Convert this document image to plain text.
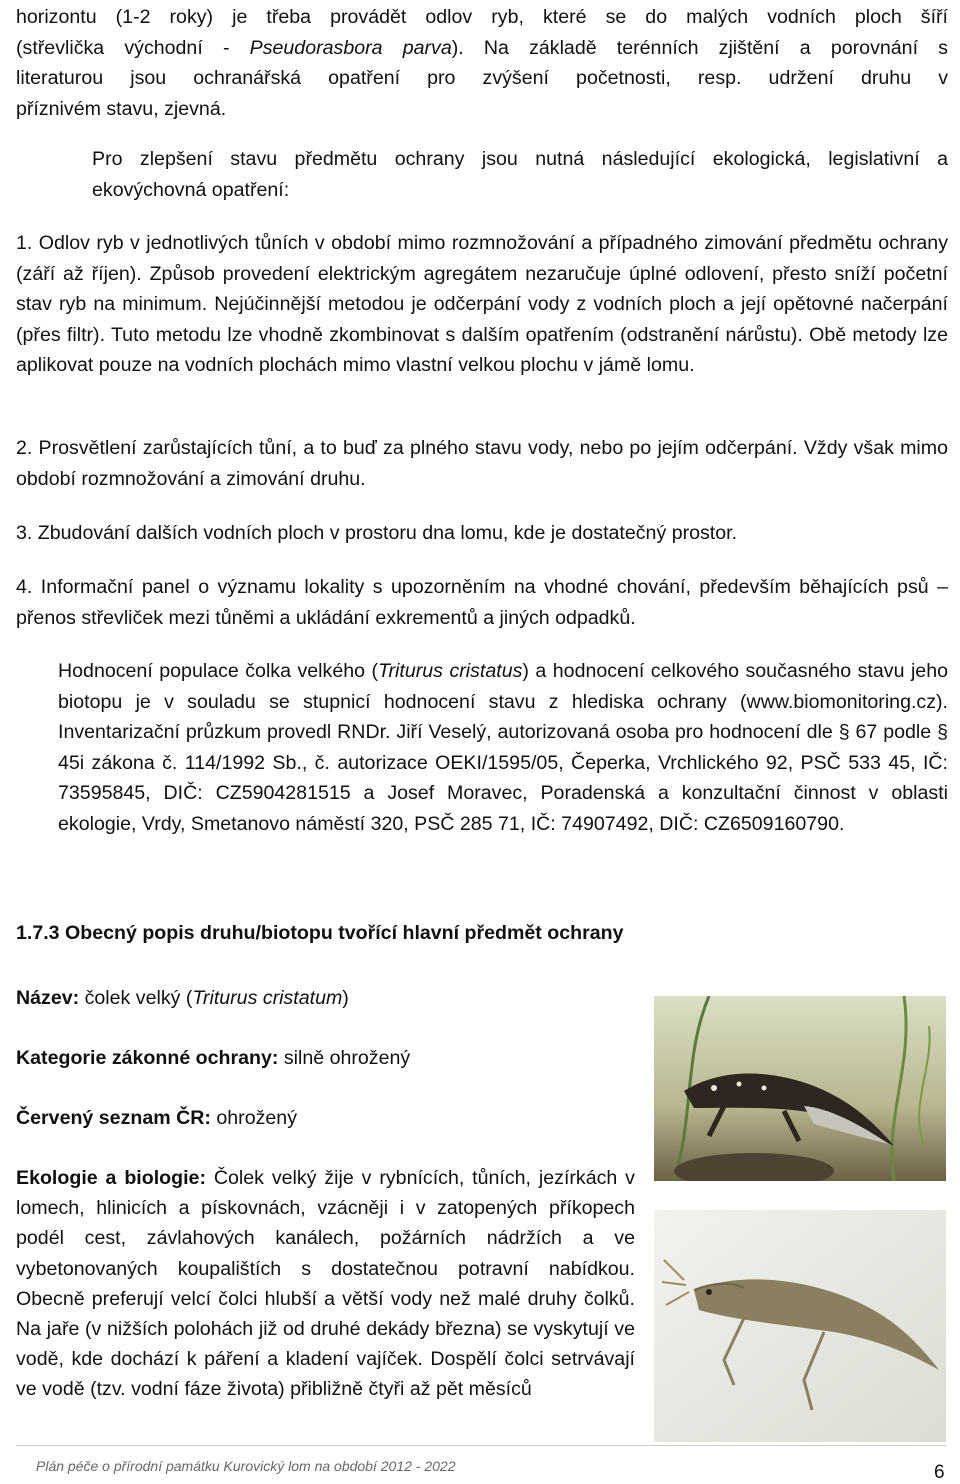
horizontu (1-2 roky) je třeba provádět odlov ryb, které se do malých vodních ploch šíří
(střevlička východní - Pseudorasbora parva). Na základě terénních zjištění a porovnání s
literaturou jsou ochranářská opatření pro zvýšení početnosti, resp. udržení druhu v
příznivém stavu, zjevná.

Pro zlepšení stavu předmětu ochrany jsou nutná následující ekologická, legislativní a ekovýchovná opatření:

1. Odlov ryb v jednotlivých tůních v období mimo rozmnožování a případného zimování předmětu ochrany (září až říjen). Způsob provedení elektrickým agregátem nezaručuje úplné odlovení, přesto sníží početní stav ryb na minimum. Nejúčinnější metodou je odčerpání vody z vodních ploch a její opětovné načerpání (přes filtr). Tuto metodu lze vhodně zkombinovat s dalším opatřením (odstranění nárůstu). Obě metody lze aplikovat pouze na vodních plochách mimo vlastní velkou plochu v jámě lomu.

2. Prosvětlení zarůstajících tůní, a to buď za plného stavu vody, nebo po jejím odčerpání. Vždy však mimo období rozmnožování a zimování druhu.

3. Zbudování dalších vodních ploch v prostoru dna lomu, kde je dostatečný prostor.

4. Informační panel o významu lokality s upozorněním na vhodné chování, především běhajících psů – přenos střevliček mezi tůněmi a ukládání exkrementů a jiných odpadků.

Hodnocení populace čolka velkého (Triturus cristatus) a hodnocení celkového současného stavu jeho biotopu je v souladu se stupnicí hodnocení stavu z hlediska ochrany (www.biomonitoring.cz). Inventarizační průzkum provedl RNDr. Jiří Veselý, autorizovaná osoba pro hodnocení dle § 67 podle § 45i zákona č. 114/1992 Sb., č. autorizace OEKI/1595/05, Čeperka, Vrchlického 92, PSČ 533 45, IČ: 73595845, DIČ: CZ5904281515 a Josef Moravec, Poradenská a konzultační činnost v oblasti ekologie, Vrdy, Smetanovo náměstí 320, PSČ 285 71, IČ: 74907492, DIČ: CZ6509160790.

1.7.3 Obecný popis druhu/biotopu tvořící hlavní předmět ochrany
Název: čolek velký (Triturus cristatum)
Kategorie zákonné ochrany: silně ohrožený
Červený seznam ČR: ohrožený

Ekologie a biologie: Čolek velký žije v rybnících, tůních, jezírkách v lomech, hlinicích a pískovnách, vzácněji i v zatopených příkopech podél cest, závlahových kanálech, požárních nádržích a ve vybetonovaných koupalištích s dostatečnou potravní nabídkou. Obecně preferují velcí čolci hlubší a větší vody než malé druhy čolků. Na jaře (v nižších polohách již od druhé dekády března) se vyskytují ve vodě, kde dochází k páření a kladení vajíček. Dospělí čolci setrvávají ve vodě (tzv. vodní fáze života) přibližně čtyři až pět měsíců

Plán péče o přírodní památku Kurovický lom na období 2012 - 2022	6
